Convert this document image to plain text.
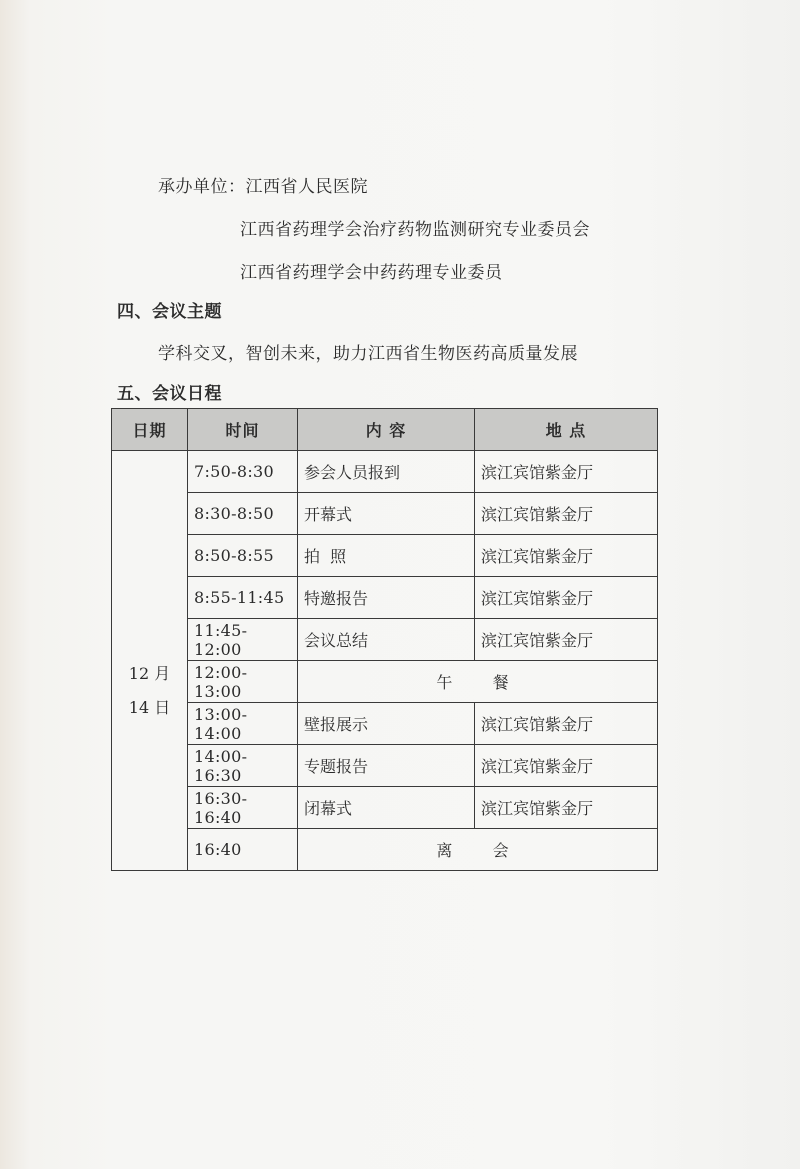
承办单位：江西省人民医院
江西省药理学会治疗药物监测研究专业委员会
江西省药理学会中药药理专业委员
四、会议主题
学科交叉，智创未来，助力江西省生物医药高质量发展
五、会议日程
日期	时间	内 容	地 点

12 月
14 日	7:50-8:30	参会人员报到	滨江宾馆紫金厅
	8:30-8:50	开幕式	滨江宾馆紫金厅
	8:50-8:55	拍  照	滨江宾馆紫金厅
	8:55-11:45	特邀报告	滨江宾馆紫金厅
	11:45-12:00	会议总结	滨江宾馆紫金厅
	12:00-13:00	午  餐	
	13:00-14:00	壁报展示	滨江宾馆紫金厅
	14:00-16:30	专题报告	滨江宾馆紫金厅
	16:30-16:40	闭幕式	滨江宾馆紫金厅
	16:40	离  会	
